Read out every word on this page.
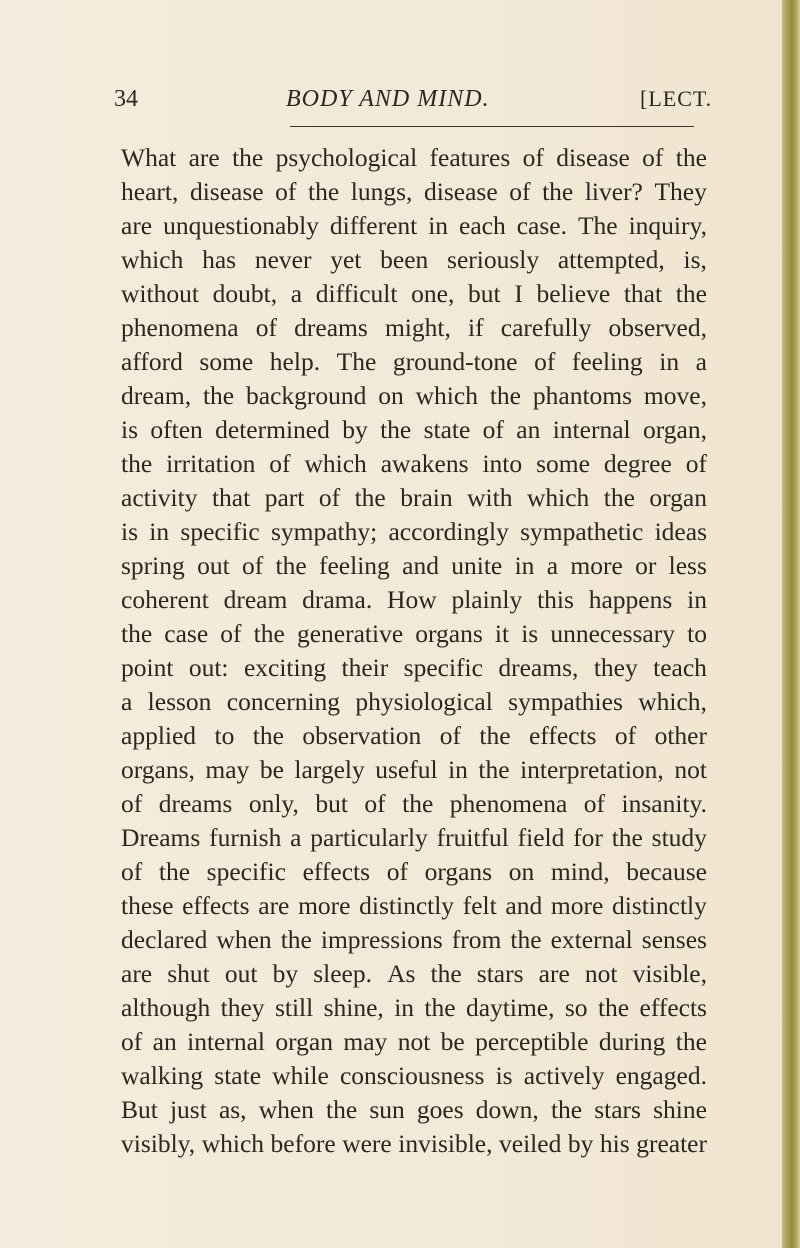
34	BODY AND MIND.	[LECT.
What are the psychological features of disease of the
heart, disease of the lungs, disease of the liver? They
are unquestionably different in each case. The inquiry,
which has never yet been seriously attempted, is,
without doubt, a difficult one, but I believe that the
phenomena of dreams might, if carefully observed,
afford some help. The ground-tone of feeling in a
dream, the background on which the phantoms move,
is often determined by the state of an internal organ,
the irritation of which awakens into some degree of
activity that part of the brain with which the organ
is in specific sympathy; accordingly sympathetic ideas
spring out of the feeling and unite in a more or less
coherent dream drama. How plainly this happens in
the case of the generative organs it is unnecessary to
point out: exciting their specific dreams, they teach
a lesson concerning physiological sympathies which,
applied to the observation of the effects of other
organs, may be largely useful in the interpretation, not
of dreams only, but of the phenomena of insanity.
Dreams furnish a particularly fruitful field for the study
of the specific effects of organs on mind, because
these effects are more distinctly felt and more distinctly
declared when the impressions from the external senses
are shut out by sleep. As the stars are not visible,
although they still shine, in the daytime, so the effects
of an internal organ may not be perceptible during the
walking state while consciousness is actively engaged.
But just as, when the sun goes down, the stars shine
visibly, which before were invisible, veiled by his greater
